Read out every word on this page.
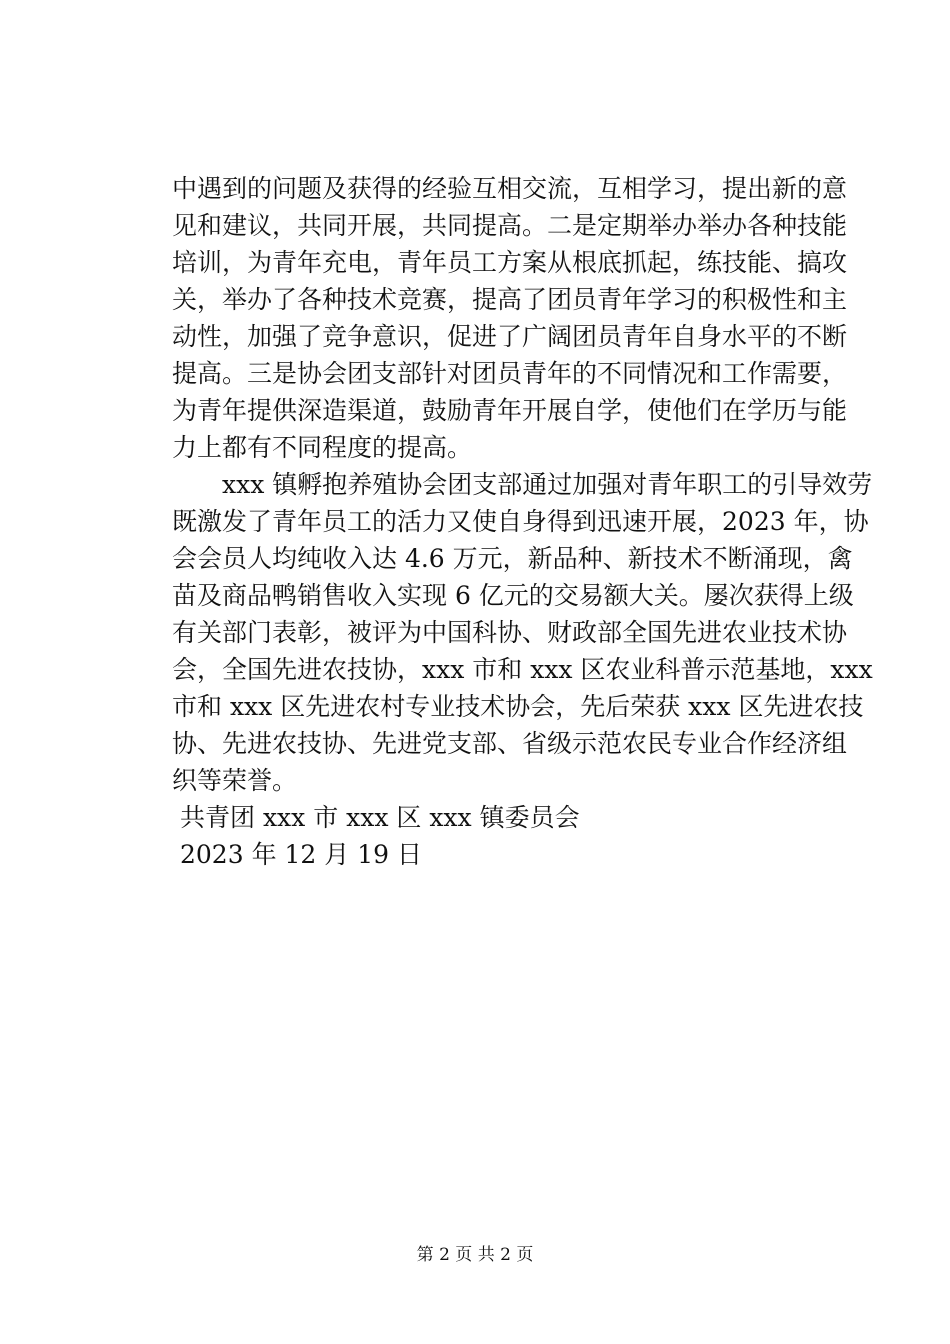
中遇到的问题及获得的经验互相交流，互相学习，提出新的意
见和建议，共同开展，共同提高。二是定期举办举办各种技能
培训，为青年充电，青年员工方案从根底抓起，练技能、搞攻
关，举办了各种技术竞赛，提高了团员青年学习的积极性和主
动性，加强了竞争意识，促进了广阔团员青年自身水平的不断
提高。三是协会团支部针对团员青年的不同情况和工作需要，
为青年提供深造渠道，鼓励青年开展自学，使他们在学历与能
力上都有不同程度的提高。
　　xxx 镇孵抱养殖协会团支部通过加强对青年职工的引导效劳
既激发了青年员工的活力又使自身得到迅速开展，2023 年，协
会会员人均纯收入达 4.6 万元，新品种、新技术不断涌现，禽
苗及商品鸭销售收入实现 6 亿元的交易额大关。屡次获得上级
有关部门表彰，被评为中国科协、财政部全国先进农业技术协
会，全国先进农技协，xxx 市和 xxx 区农业科普示范基地，xxx
市和 xxx 区先进农村专业技术协会，先后荣获 xxx 区先进农技
协、先进农技协、先进党支部、省级示范农民专业合作经济组
织等荣誉。
共青团 xxx 市 xxx 区 xxx 镇委员会
2023 年 12 月 19 日
第 2 页 共 2 页
